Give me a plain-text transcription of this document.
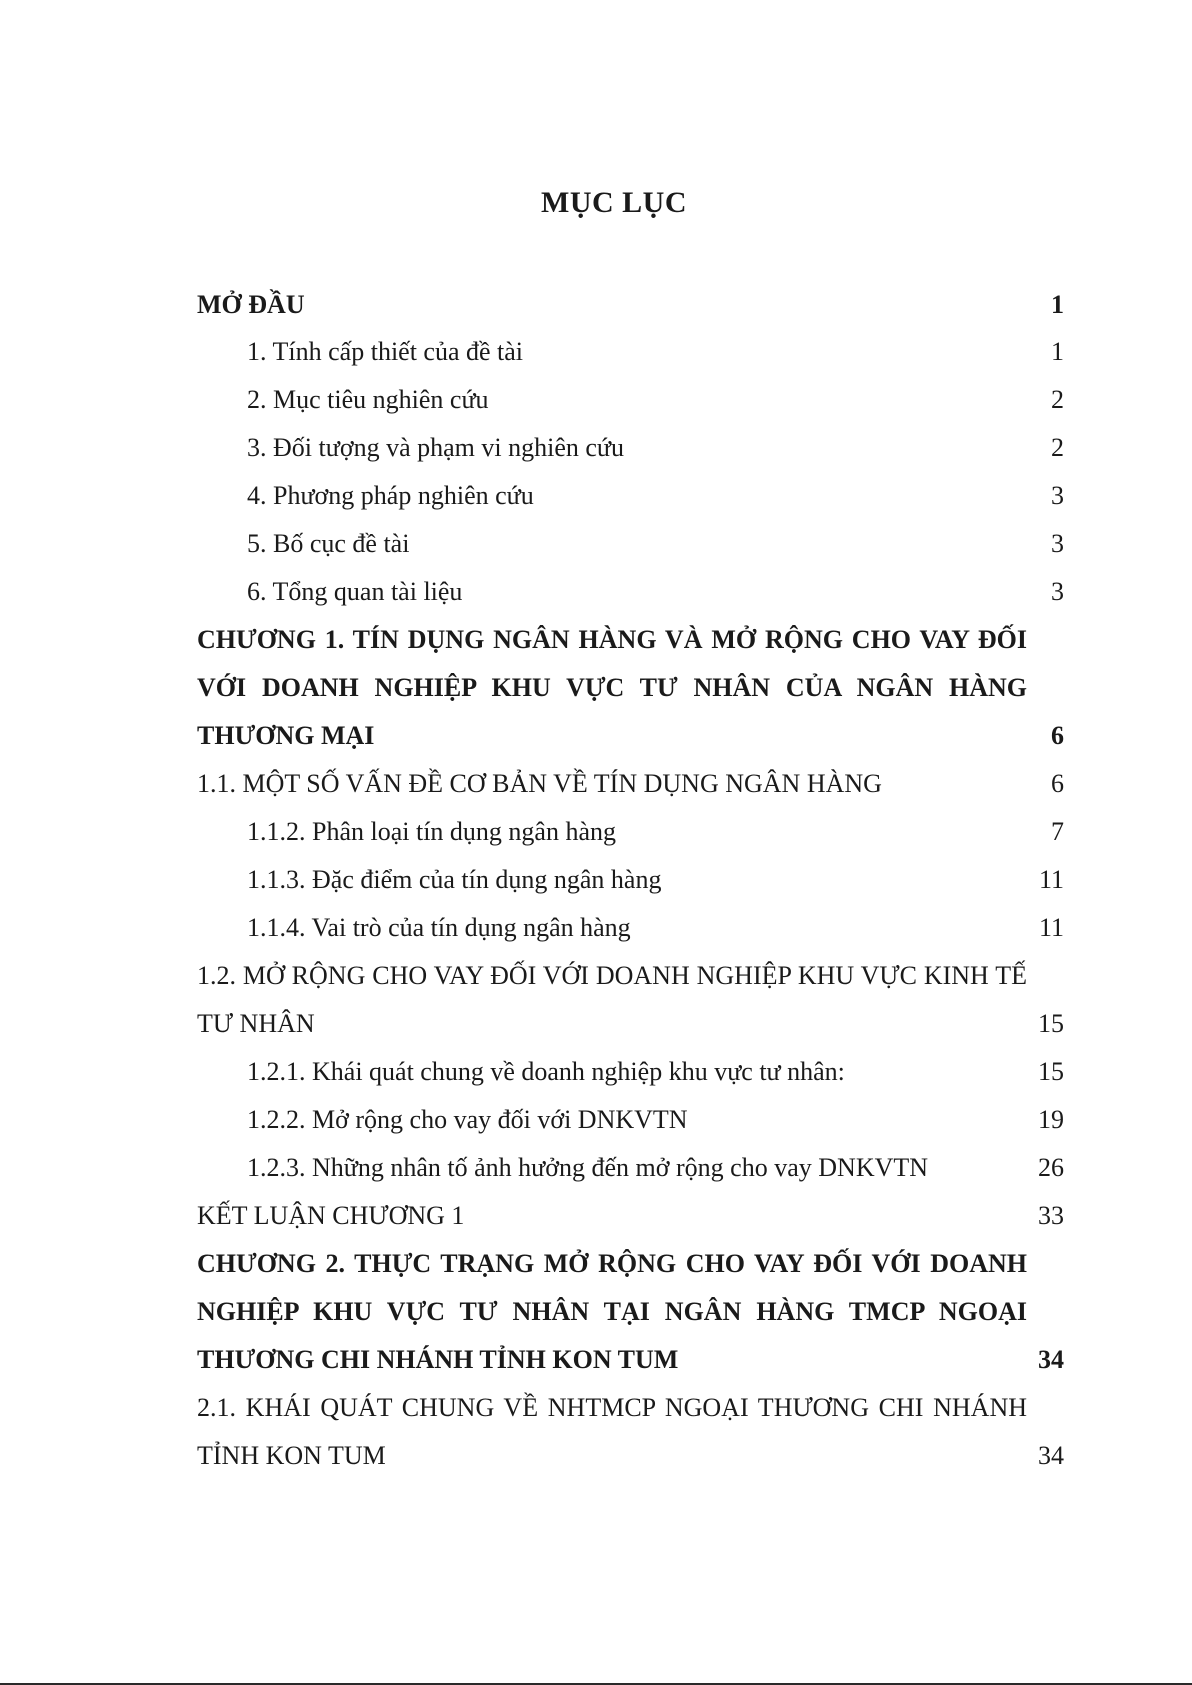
MỤC LỤC
MỞ ĐẦU	1
1. Tính cấp thiết của đề tài	1
2. Mục tiêu nghiên cứu	2
3. Đối tượng và phạm vi nghiên cứu	2
4. Phương pháp nghiên cứu	3
5. Bố cục đề tài	3
6. Tổng quan tài liệu	3
CHƯƠNG 1. TÍN DỤNG NGÂN HÀNG VÀ MỞ RỘNG CHO VAY ĐỐI VỚI DOANH NGHIỆP KHU VỰC TƯ NHÂN CỦA NGÂN HÀNG THƯƠNG MẠI	6
1.1. MỘT SỐ VẤN ĐỀ CƠ BẢN VỀ TÍN DỤNG NGÂN HÀNG	6
1.1.2. Phân loại tín dụng ngân hàng	7
1.1.3. Đặc điểm của tín dụng ngân hàng	11
1.1.4. Vai trò của tín dụng ngân hàng	11
1.2. MỞ RỘNG CHO VAY ĐỐI VỚI DOANH NGHIỆP KHU VỰC KINH TẾ TƯ NHÂN	15
1.2.1. Khái quát chung về doanh nghiệp khu vực tư nhân:	15
1.2.2. Mở rộng cho vay đối với DNKVTN	19
1.2.3. Những nhân tố ảnh hưởng đến mở rộng cho vay DNKVTN	26
KẾT LUẬN CHƯƠNG 1	33
CHƯƠNG 2. THỰC TRẠNG MỞ RỘNG CHO VAY ĐỐI VỚI DOANH NGHIỆP KHU VỰC TƯ NHÂN TẠI NGÂN HÀNG TMCP NGOẠI THƯƠNG CHI NHÁNH TỈNH KON TUM	34
2.1. KHÁI QUÁT CHUNG VỀ NHTMCP NGOẠI THƯƠNG CHI NHÁNH TỈNH KON TUM	34
